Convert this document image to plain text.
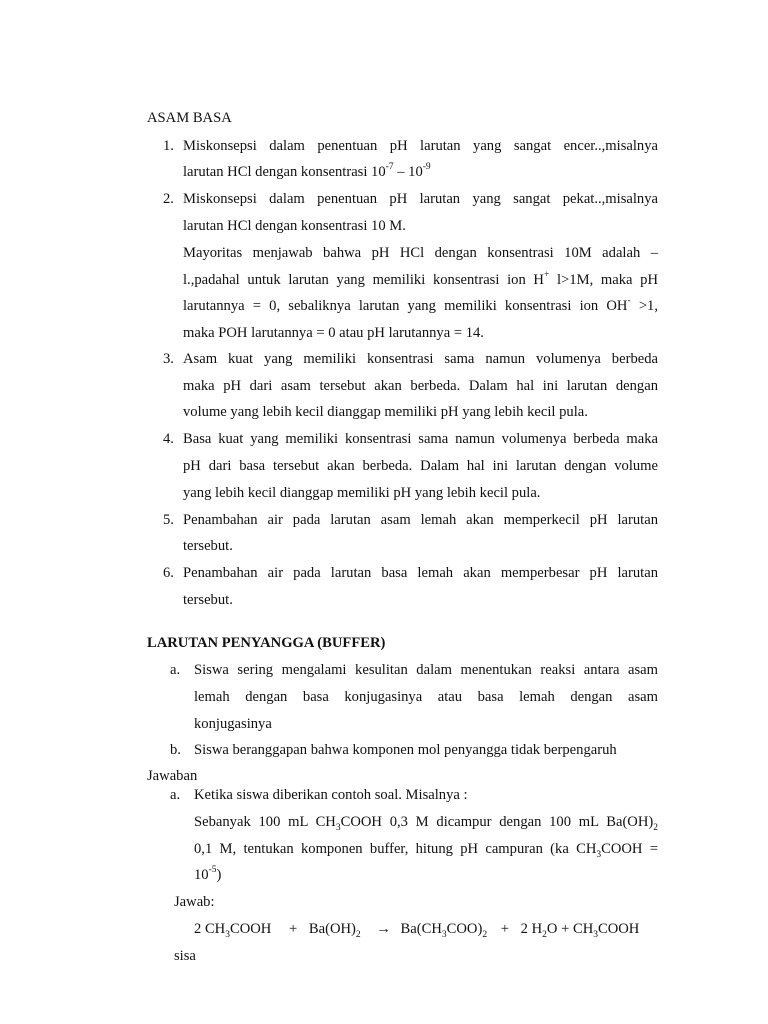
ASAM BASA
1. Miskonsepsi dalam penentuan pH larutan yang sangat encer..,misalnya
larutan HCl dengan konsentrasi $10^{-7} - 10^{-9}$
2. Miskonsepsi dalam penentuan pH larutan yang sangat pekat..,misalnya
larutan HCl dengan konsentrasi 10 M.
Mayoritas menjawab bahwa pH HCl dengan konsentrasi 10M adalah –
l.,padahal untuk larutan yang memiliki konsentrasi ion H+ l>1M, maka pH
larutannya = 0, sebaliknya larutan yang memiliki konsentrasi ion OH- >1,
maka POH larutannya = 0 atau pH larutannya = 14.
3. Asam kuat yang memiliki konsentrasi sama namun volumenya berbeda
maka pH dari asam tersebut akan berbeda. Dalam hal ini larutan dengan
volume yang lebih kecil dianggap memiliki pH yang lebih kecil pula.
4. Basa kuat yang memiliki konsentrasi sama namun volumenya berbeda maka
pH dari basa tersebut akan berbeda. Dalam hal ini larutan dengan volume
yang lebih kecil dianggap memiliki pH yang lebih kecil pula.
5. Penambahan air pada larutan asam lemah akan memperkecil pH larutan
tersebut.
6. Penambahan air pada larutan basa lemah akan memperbesar pH larutan
tersebut.
LARUTAN PENYANGGA (BUFFER)
a. Siswa sering mengalami kesulitan dalam menentukan reaksi antara asam
lemah dengan basa konjugasinya atau basa lemah dengan asam
konjugasinya
b. Siswa beranggapan bahwa komponen mol penyangga tidak berpengaruh
Jawaban
a. Ketika siswa diberikan contoh soal. Misalnya :
Sebanyak 100 mL $CH_3COOH$ 0,3 M dicampur dengan 100 mL $Ba(OH)_2$
0,1 M, tentukan komponen buffer, hitung pH campuran (ka $CH_3COOH$ =
$10^{-5}$)
Jawab:
2 $CH_3COOH + Ba(OH)_2 \to Ba(CH_3COO)_2 + 2$ $H_2O$ + $CH_3COOH$
sisa
